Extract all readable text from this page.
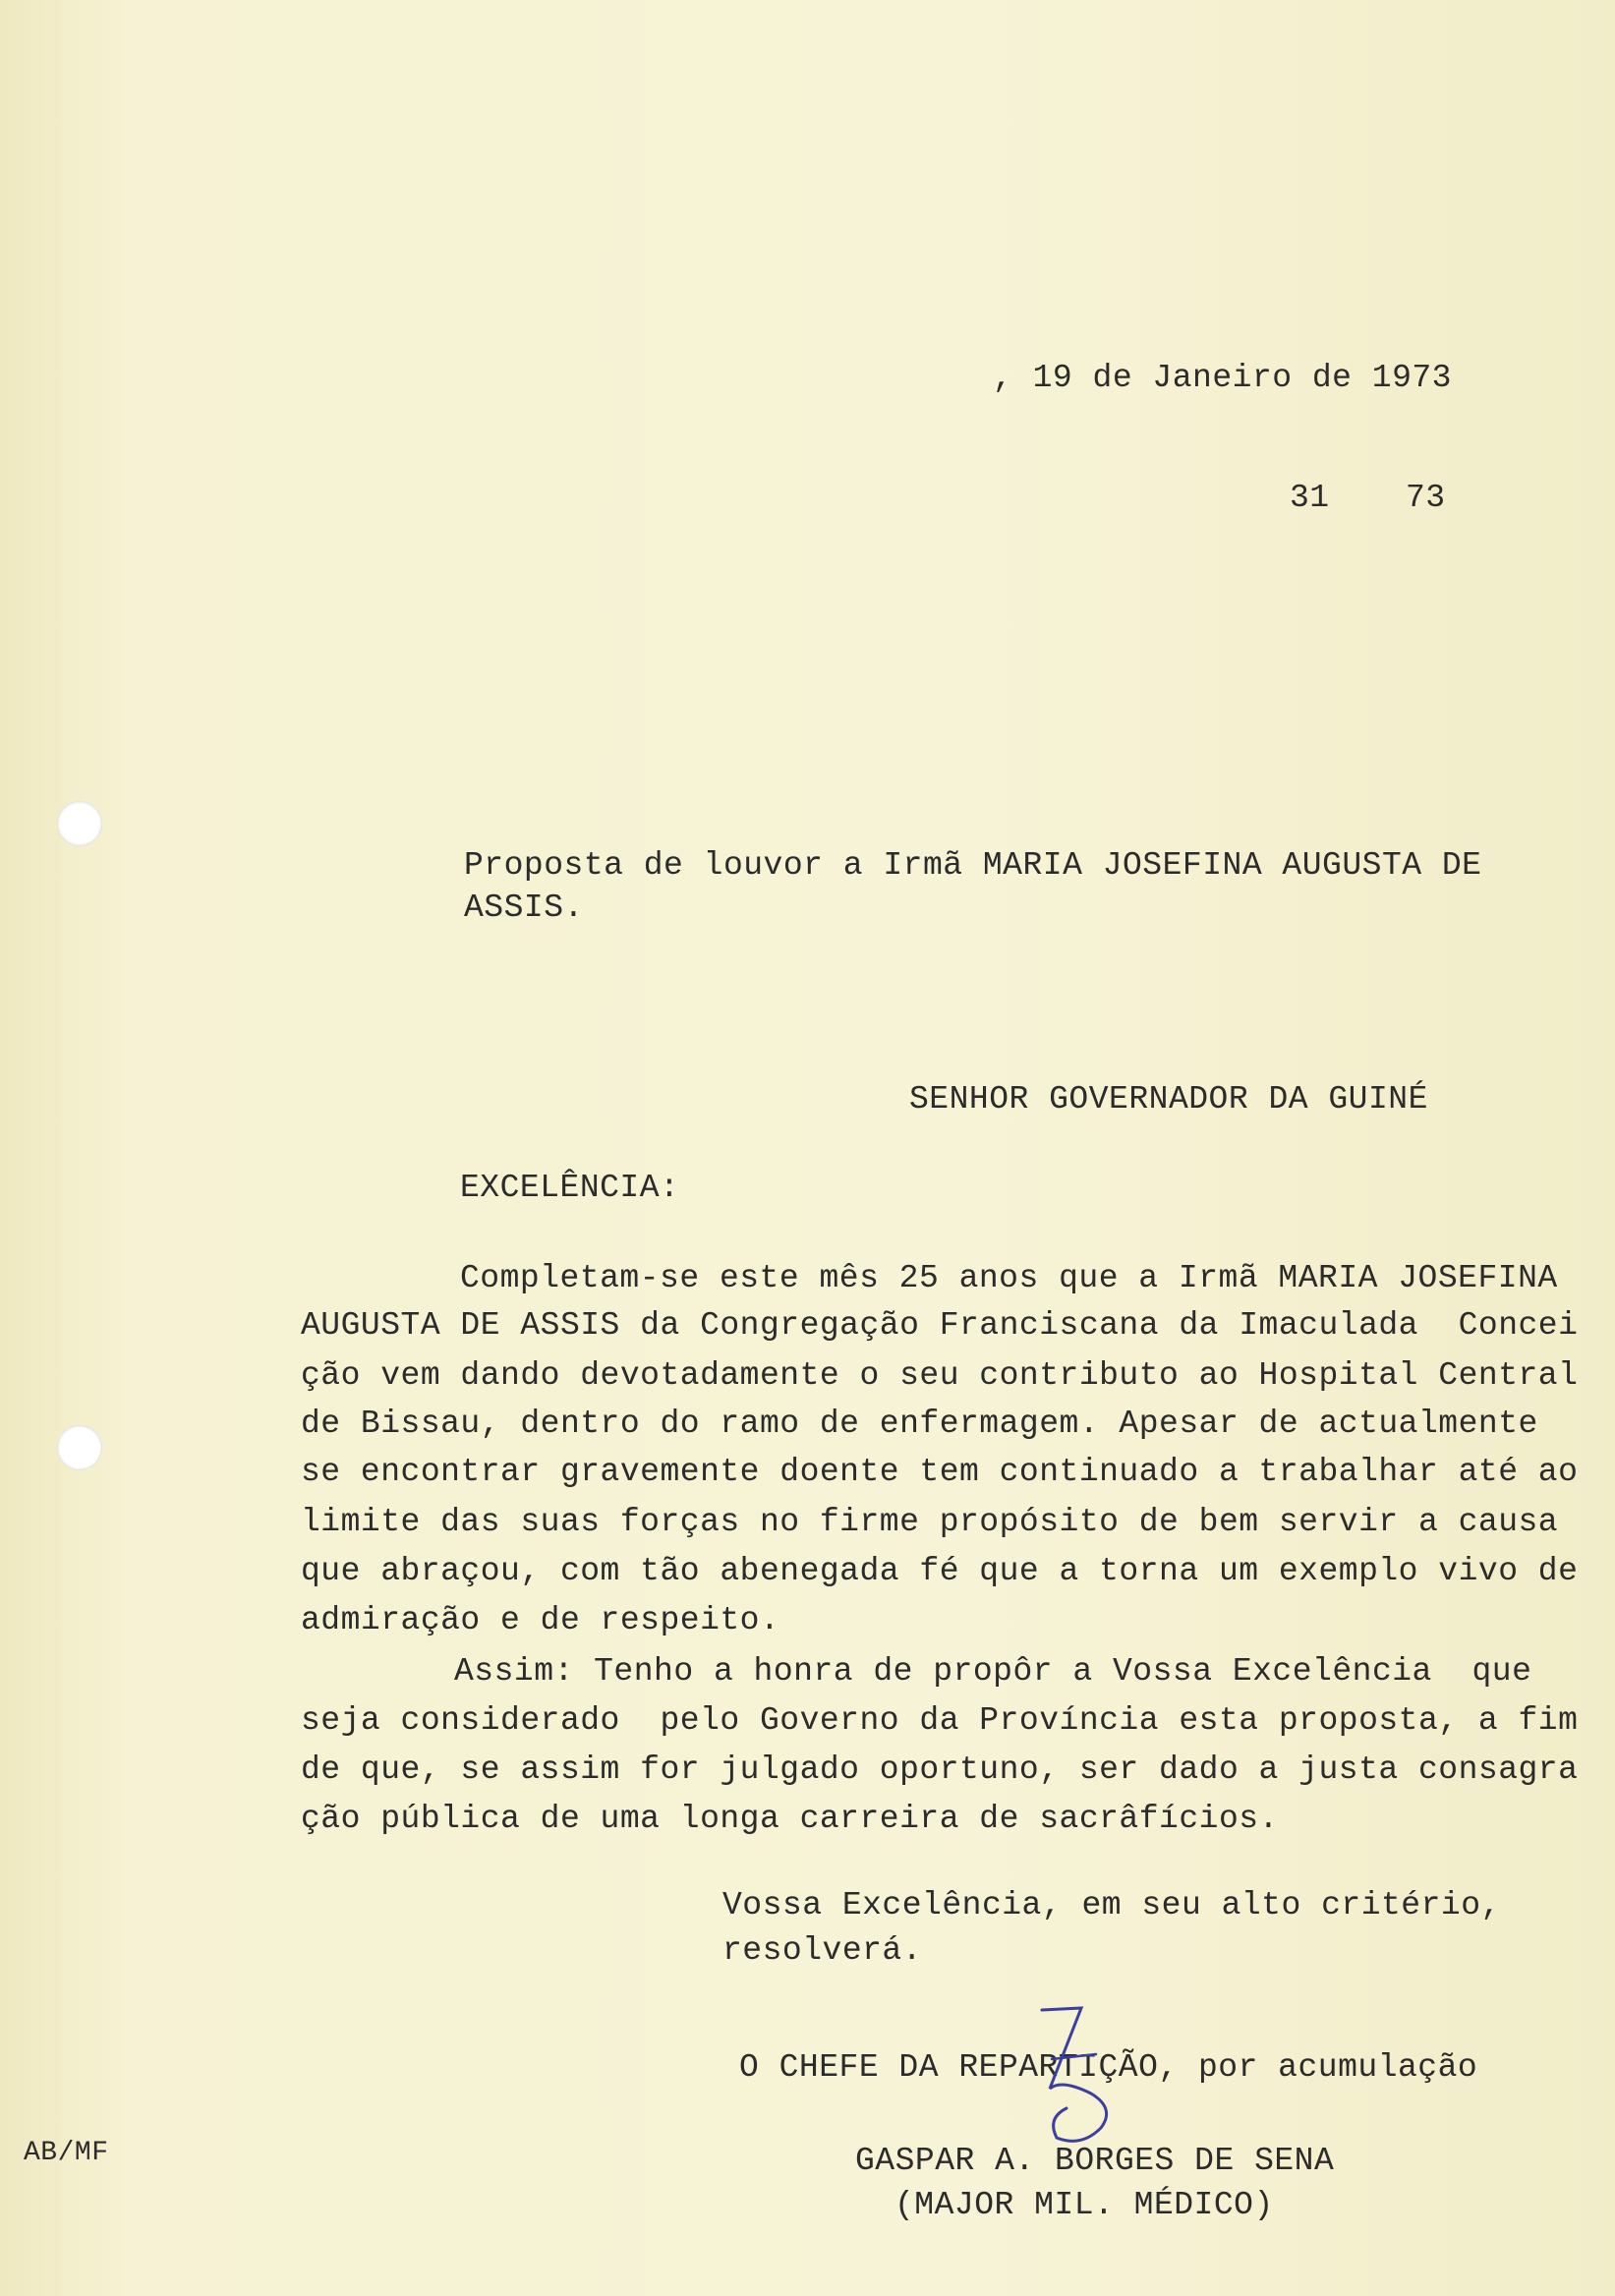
, 19 de Janeiro de 1973
31 73
Proposta de louvor a Irmã MARIA JOSEFINA AUGUSTA DE
ASSIS.
SENHOR GOVERNADOR DA GUINÉ
EXCELÊNCIA:
Completam-se este mês 25 anos que a Irmã MARIA JOSEFINA
AUGUSTA DE ASSIS da Congregação Franciscana da Imaculada  Concei
ção vem dando devotadamente o seu contributo ao Hospital Central
de Bissau, dentro do ramo de enfermagem. Apesar de actualmente
se encontrar gravemente doente tem continuado a trabalhar até ao
limite das suas forças no firme propósito de bem servir a causa
que abraçou, com tão abenegada fé que a torna um exemplo vivo de
admiração e de respeito.
Assim: Tenho a honra de propôr a Vossa Excelência  que
seja considerado  pelo Governo da Província esta proposta, a fim
de que, se assim for julgado oportuno, ser dado a justa consagra
ção pública de uma longa carreira de sacrâfícios.
Vossa Excelência, em seu alto critério,
resolverá.
O CHEFE DA REPARTIÇÃO, por acumulação
GASPAR A. BORGES DE SENA
(MAJOR MIL. MÉDICO)
AB/MF
